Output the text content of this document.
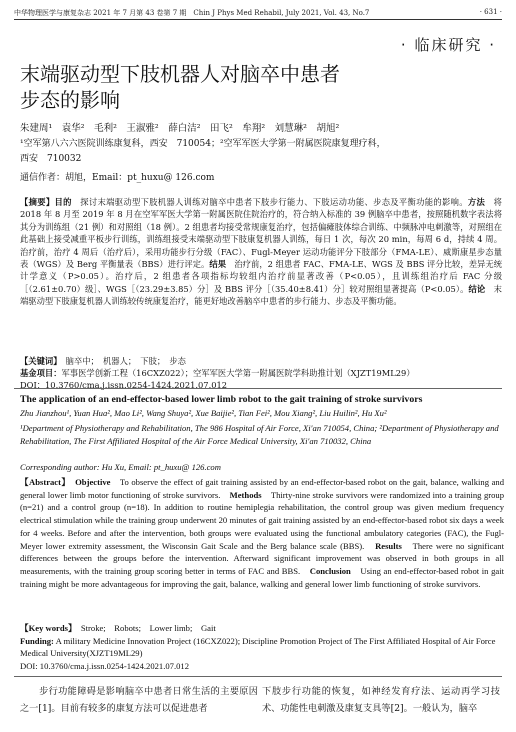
中华物理医学与康复杂志 2021 年 7 月第 43 卷第 7 期　Chin J Phys Med Rehabil, July 2021, Vol. 43, No.7	· 631 ·
· 临床研究 ·
末端驱动型下肢机器人对脑卒中患者
步态的影响
朱建周¹　袁华²　毛利²　王淑雅²　薛白洁²　田飞²　牟翔²　刘慧琳²　胡旭²
¹空军第八六六医院训练康复科，西安　710054；²空军军医大学第一附属医院康复理疗科，
西安　710032
通信作者：胡旭，Email：pt_huxu@ 126.com
【摘要】目的　探讨末端驱动型下肢机器人训练对脑卒中患者下肢步行能力、下肢运动功能、步态及平衡功能的影响。方法　将 2018 年 8 月至 2019 年 8 月在空军军医大学第一附属医院住院治疗的，符合纳入标准的 39 例脑卒中患者，按照随机数字表法将其分为训练组（21 例）和对照组（18 例）。2 组患者均接受常规康复治疗，包括偏瘫肢体综合训练、中频脉冲电刺激等，对照组在此基础上接受减重平板步行训练，训练组接受末端驱动型下肢康复机器人训练，每日 1 次，每次 20 min，每周 6 d，持续 4 周。治疗前，治疗 4 周后（治疗后），采用功能步行分级（FAC）、Fugl-Meyer 运动功能评分下肢部分（FMA-LE）、威斯康星步态量表（WGS）及 Berg 平衡量表（BBS）进行评定。结果　治疗前，2 组患者 FAC、FMA-LE、WGS 及 BBS 评分比较，差异无统计学意义（P>0.05）。治疗后，2 组患者各项指标均较组内治疗前显著改善（P<0.05），且训练组治疗后 FAC 分级［（2.61±0.70）级］、WGS［（23.29±3.85）分］及 BBS 评分［（35.40±8.41）分］较对照组显著提高（P<0.05）。结论　末端驱动型下肢康复机器人训练较传统康复治疗，能更好地改善脑卒中患者的步行能力、步态及平衡功能。
【关键词】　脑卒中；　机器人；　下肢；　步态
基金项目：军事医学创新工程（16CXZ022）；空军军医大学第一附属医院学科助推计划（XJZT19ML29）
DOI：10.3760/cma.j.issn.0254-1424.2021.07.012
The application of an end-effector-based lower limb robot to the gait training of stroke survivors
Zhu Jianzhou¹, Yuan Hua², Mao Li², Wang Shuya², Xue Baijie², Tian Fei², Mou Xiang², Liu Huilin², Hu Xu²
¹Department of Physiotherapy and Rehabilitation, The 986 Hospital of Air Force, Xi′an 710054, China; ²Department of Physiotherapy and Rehabilitation, The First Affiliated Hospital of the Air Force Medical University, Xi′an 710032, China
Corresponding author: Hu Xu, Email: pt_huxu@ 126.com
【Abstract】　 Objective　To observe the effect of gait training assisted by an end-effector-based robot on the gait, balance, walking and general lower limb motor functioning of stroke survivors.　 Methods　Thirty-nine stroke survivors were randomized into a training group (n=21) and a control group (n=18). In addition to routine hemiplegia rehabilitation, the control group was given medium frequency electrical stimulation while the training group underwent 20 minutes of gait training assisted by an end-effector-based robot six days a week for 4 weeks. Before and after the intervention, both groups were evaluated using the functional ambulatory categories (FAC), the Fugl-Meyer lower extremity assessment, the Wisconsin Gait Scale and the Berg balance scale (BBS).　 Results　There were no significant differences between the groups before the intervention. Afterward significant improvement was observed in both groups in all measurements, with the training group scoring better in terms of FAC and BBS.　 Conclusion　Using an end-effector-based robot in gait training might be more advantageous for improving the gait, balance, walking and general lower limb functioning of stroke survivors.
【Key words】　Stroke;　Robots;　Lower limb;　Gait
Funding: A military Medicine Innovation Project (16CXZ022); Discipline Promotion Project of The First Affiliated Hospital of Air Force Medical University(XJZT19ML29)
DOI: 10.3760/cma.j.issn.0254-1424.2021.07.012
　　步行功能障碍是影响脑卒中患者日常生活的主要原因之一[1]。目前有较多的康复方法可以促进患者
下肢步行功能的恢复，如神经发育疗法、运动再学习技术、功能性电刺激及康复支具等[2]。一般认为，脑卒
